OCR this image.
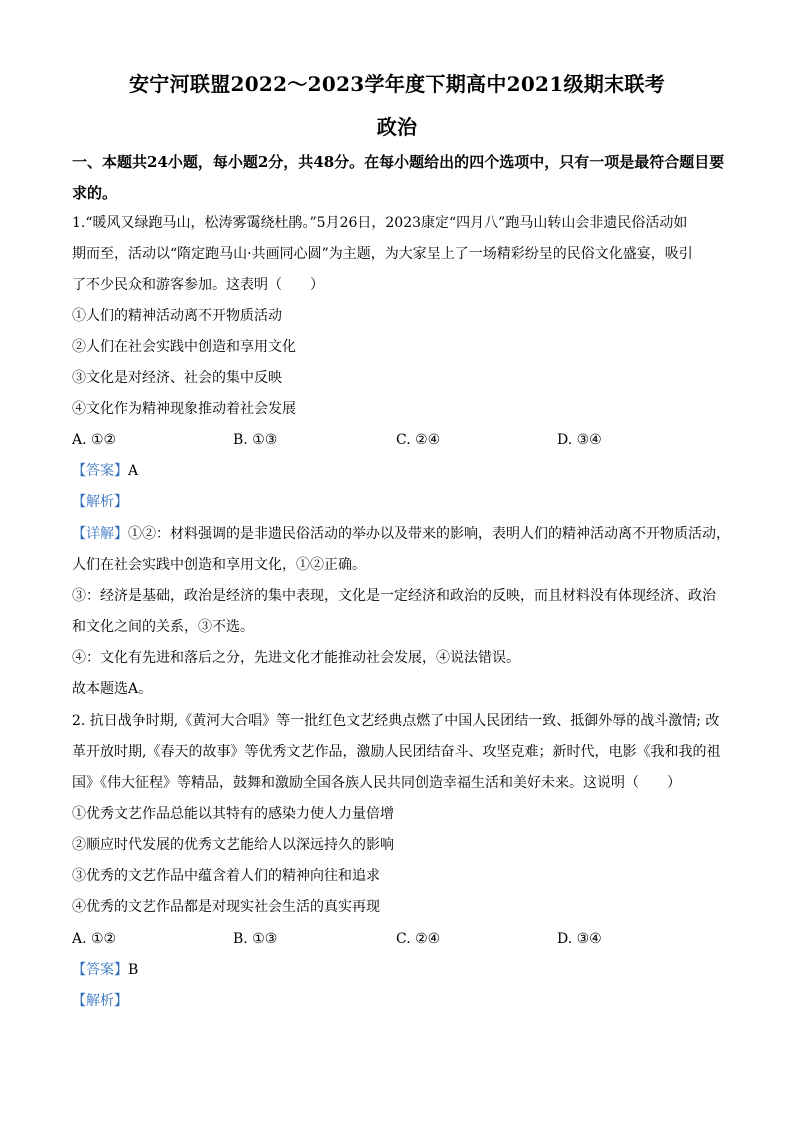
安宁河联盟2022～2023学年度下期高中2021级期末联考
政治
一、本题共24小题，每小题2分，共48分。在每小题给出的四个选项中，只有一项是最符合题目要求的。
1.“暖风又绿跑马山，松涛雾霭绕杜鹃。”5月26日，2023康定“四月八”跑马山转山会非遗民俗活动如
期而至，活动以“隋定跑马山·共画同心圆”为主题，为大家呈上了一场精彩纷呈的民俗文化盛宴，吸引
了不少民众和游客参加。这表明（　　）
①人们的精神活动离不开物质活动
②人们在社会实践中创造和享用文化
③文化是对经济、社会的集中反映
④文化作为精神现象推动着社会发展
A. ①②	B. ①③	C. ②④	D. ③④
【答案】A
【解析】
【详解】①②：材料强调的是非遗民俗活动的举办以及带来的影响，表明人们的精神活动离不开物质活动，
人们在社会实践中创造和享用文化，①②正确。
③：经济是基础，政治是经济的集中表现，文化是一定经济和政治的反映，而且材料没有体现经济、政治
和文化之间的关系，③不选。
④：文化有先进和落后之分，先进文化才能推动社会发展，④说法错误。
故本题选A。
2. 抗日战争时期,《黄河大合唱》等一批红色文艺经典点燃了中国人民团结一致、抵御外辱的战斗激情; 改
革开放时期,《春天的故事》等优秀文艺作品，激励人民团结奋斗、攻坚克难；新时代，电影《我和我的祖
国》《伟大征程》等精品，鼓舞和激励全国各族人民共同创造幸福生活和美好未来。这说明（　　）
①优秀文艺作品总能以其特有的感染力使人力量倍增
②顺应时代发展的优秀文艺能给人以深远持久的影响
③优秀的文艺作品中蕴含着人们的精神向往和追求
④优秀的文艺作品都是对现实社会生活的真实再现
A. ①②	B. ①③	C. ②④	D. ③④
【答案】B
【解析】
